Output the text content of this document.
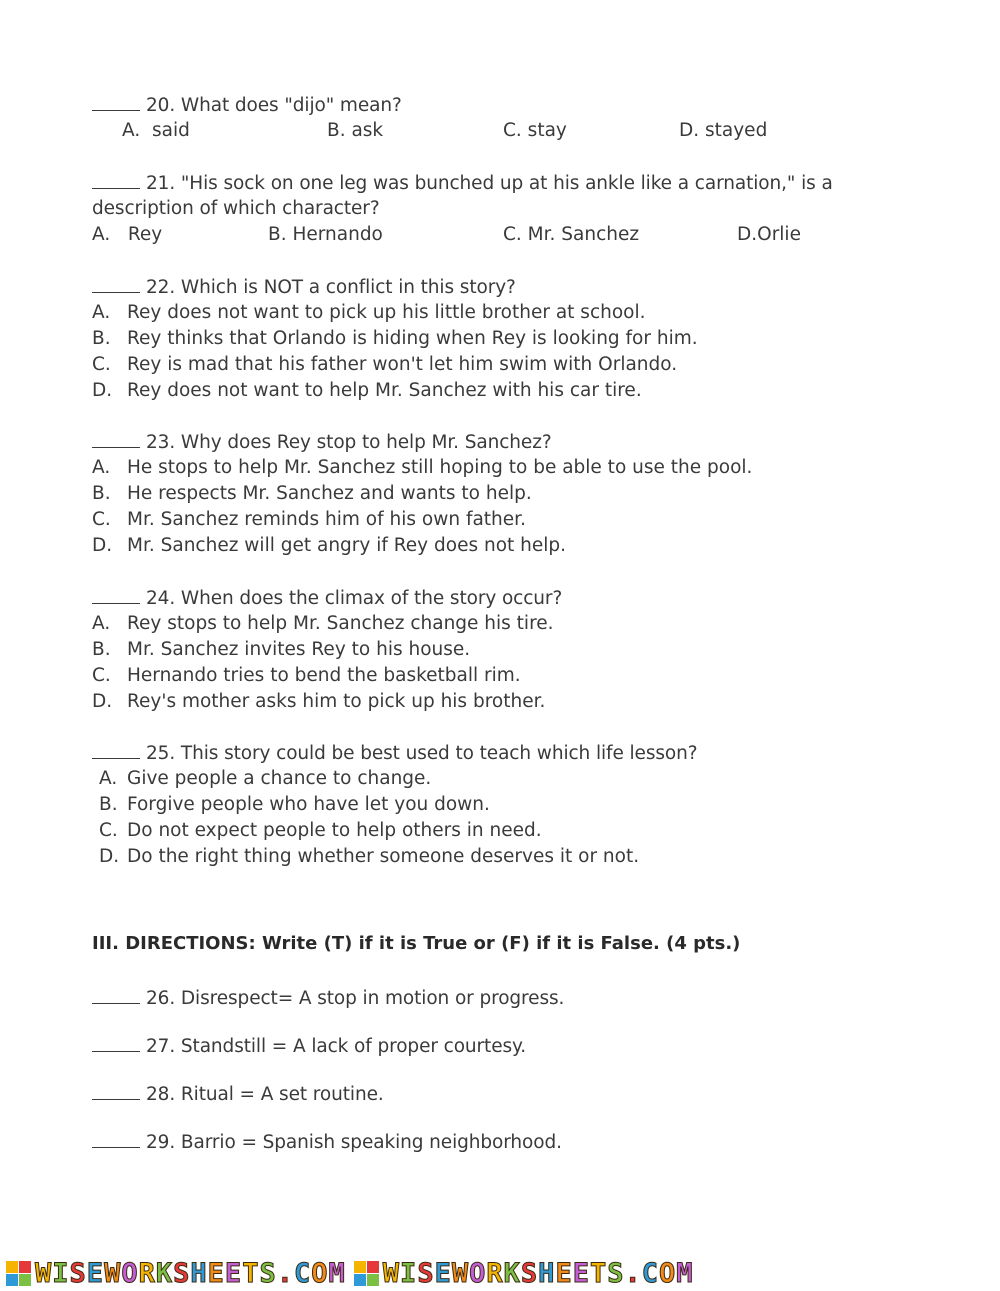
20. What does "dijo" mean?
A. said	B. ask	C. stay	D. stayed
21. "His sock on one leg was bunched up at his ankle like a carnation," is a
description of which character?
A. Rey	B. Hernando	C. Mr. Sanchez	D.Orlie
22. Which is NOT a conflict in this story?
A. Rey does not want to pick up his little brother at school.
B. Rey thinks that Orlando is hiding when Rey is looking for him.
C. Rey is mad that his father won't let him swim with Orlando.
D. Rey does not want to help Mr. Sanchez with his car tire.
23. Why does Rey stop to help Mr. Sanchez?
A. He stops to help Mr. Sanchez still hoping to be able to use the pool.
B. He respects Mr. Sanchez and wants to help.
C. Mr. Sanchez reminds him of his own father.
D. Mr. Sanchez will get angry if Rey does not help.
24. When does the climax of the story occur?
A. Rey stops to help Mr. Sanchez change his tire.
B. Mr. Sanchez invites Rey to his house.
C. Hernando tries to bend the basketball rim.
D. Rey's mother asks him to pick up his brother.
25. This story could be best used to teach which life lesson?
A. Give people a chance to change.
B. Forgive people who have let you down.
C. Do not expect people to help others in need.
D. Do the right thing whether someone deserves it or not.
III. DIRECTIONS: Write (T) if it is True or (F) if it is False. (4 pts.)
26. Disrespect= A stop in motion or progress.
27. Standstill = A lack of proper courtesy.
28. Ritual = A set routine.
29. Barrio = Spanish speaking neighborhood.
WISEWORKSHEETS.COM WISEWORKSHEETS.COM
